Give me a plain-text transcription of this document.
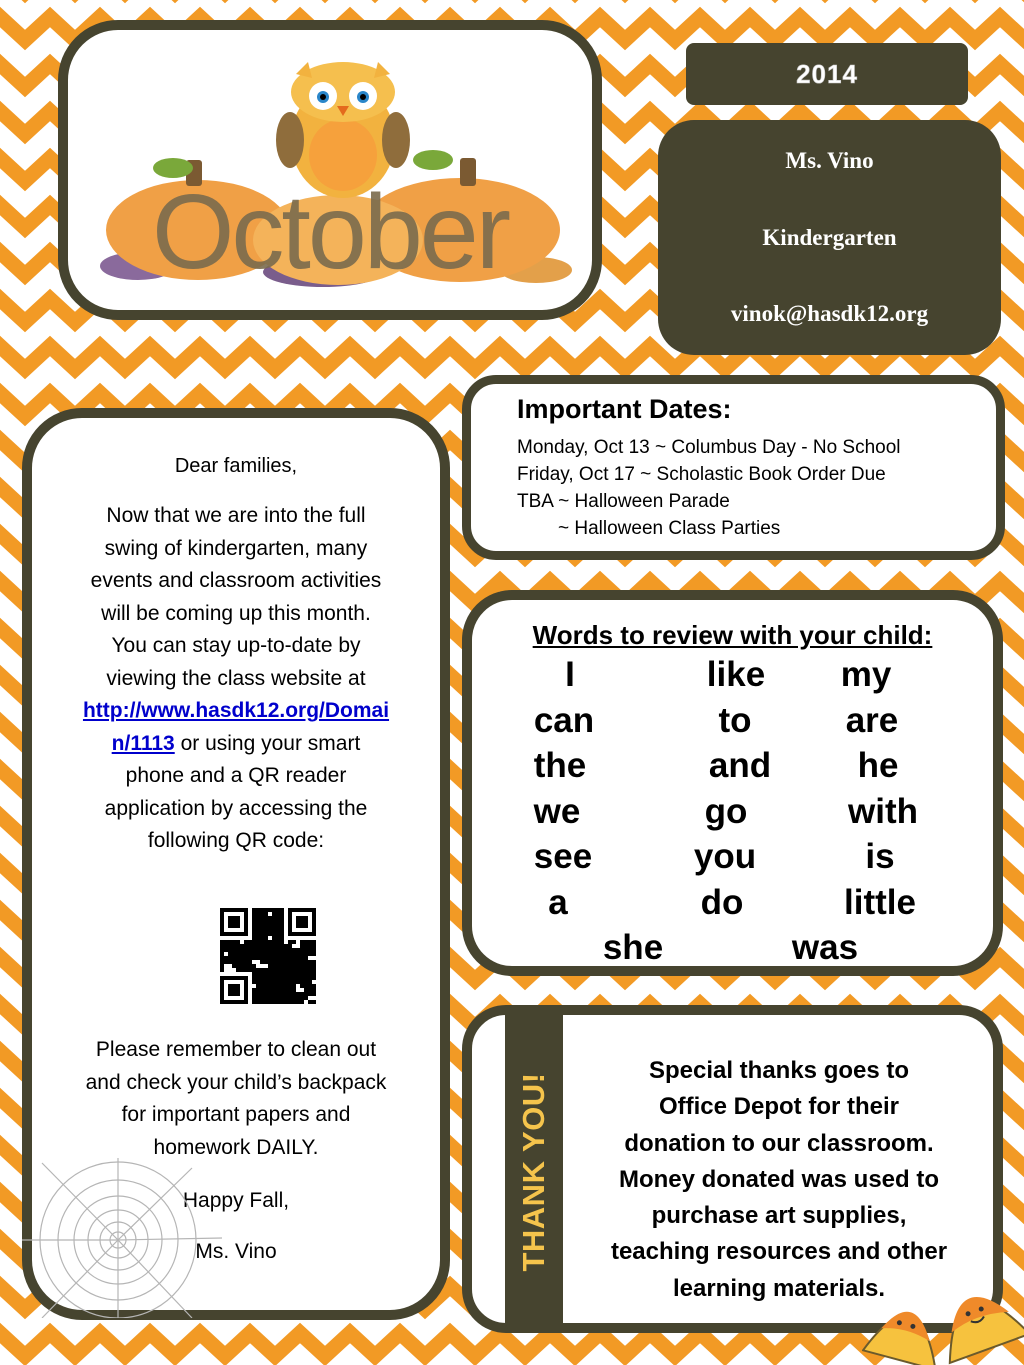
October
2014
Ms. Vino
Kindergarten
vinok@hasdk12.org
Important Dates:
Monday, Oct 13 ~ Columbus Day - No School
Friday, Oct 17 ~ Scholastic Book Order Due
TBA ~ Halloween Parade
~ Halloween Class Parties
Dear families,
Now that we are into the full
swing of kindergarten, many
events and classroom activities
will be coming up this month.
You can stay up-to-date by
viewing the class website at
http://www.hasdk12.org/Domai
n/1113 or using your smart
phone and a QR reader
application by accessing the
following QR code:
Please remember to clean out
and check your child’s backpack
for important papers and
homework DAILY.
Happy Fall,
Ms. Vino
Words to review with your child:
I	like my
can	to	are
the	and he
we	go	with
see	you	is
a	do	little
she	was
THANK YOU!
Special thanks goes to
Office Depot for their
donation to our classroom.
Money donated was used to
purchase art supplies,
teaching resources and other
learning materials.
